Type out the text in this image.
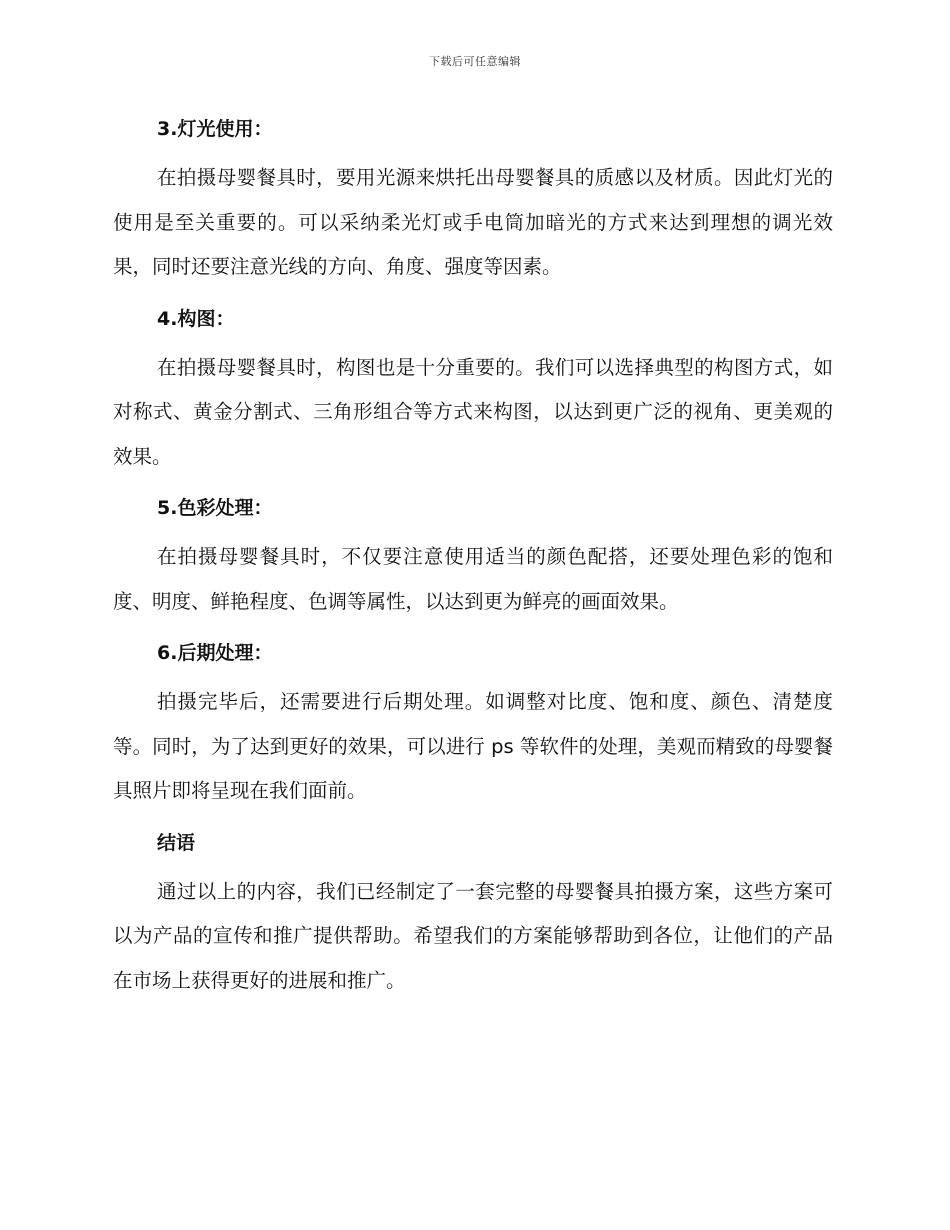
下载后可任意编辑
3.灯光使用：

在拍摄母婴餐具时，要用光源来烘托出母婴餐具的质感以及材质。因此灯光的使用是至关重要的。可以采纳柔光灯或手电筒加暗光的方式来达到理想的调光效果，同时还要注意光线的方向、角度、强度等因素。

4.构图：

在拍摄母婴餐具时，构图也是十分重要的。我们可以选择典型的构图方式，如对称式、黄金分割式、三角形组合等方式来构图，以达到更广泛的视角、更美观的效果。

5.色彩处理：

在拍摄母婴餐具时，不仅要注意使用适当的颜色配搭，还要处理色彩的饱和度、明度、鲜艳程度、色调等属性，以达到更为鲜亮的画面效果。

6.后期处理：

拍摄完毕后，还需要进行后期处理。如调整对比度、饱和度、颜色、清楚度等。同时，为了达到更好的效果，可以进行 ps 等软件的处理，美观而精致的母婴餐具照片即将呈现在我们面前。

结语

通过以上的内容，我们已经制定了一套完整的母婴餐具拍摄方案，这些方案可以为产品的宣传和推广提供帮助。希望我们的方案能够帮助到各位，让他们的产品在市场上获得更好的进展和推广。
